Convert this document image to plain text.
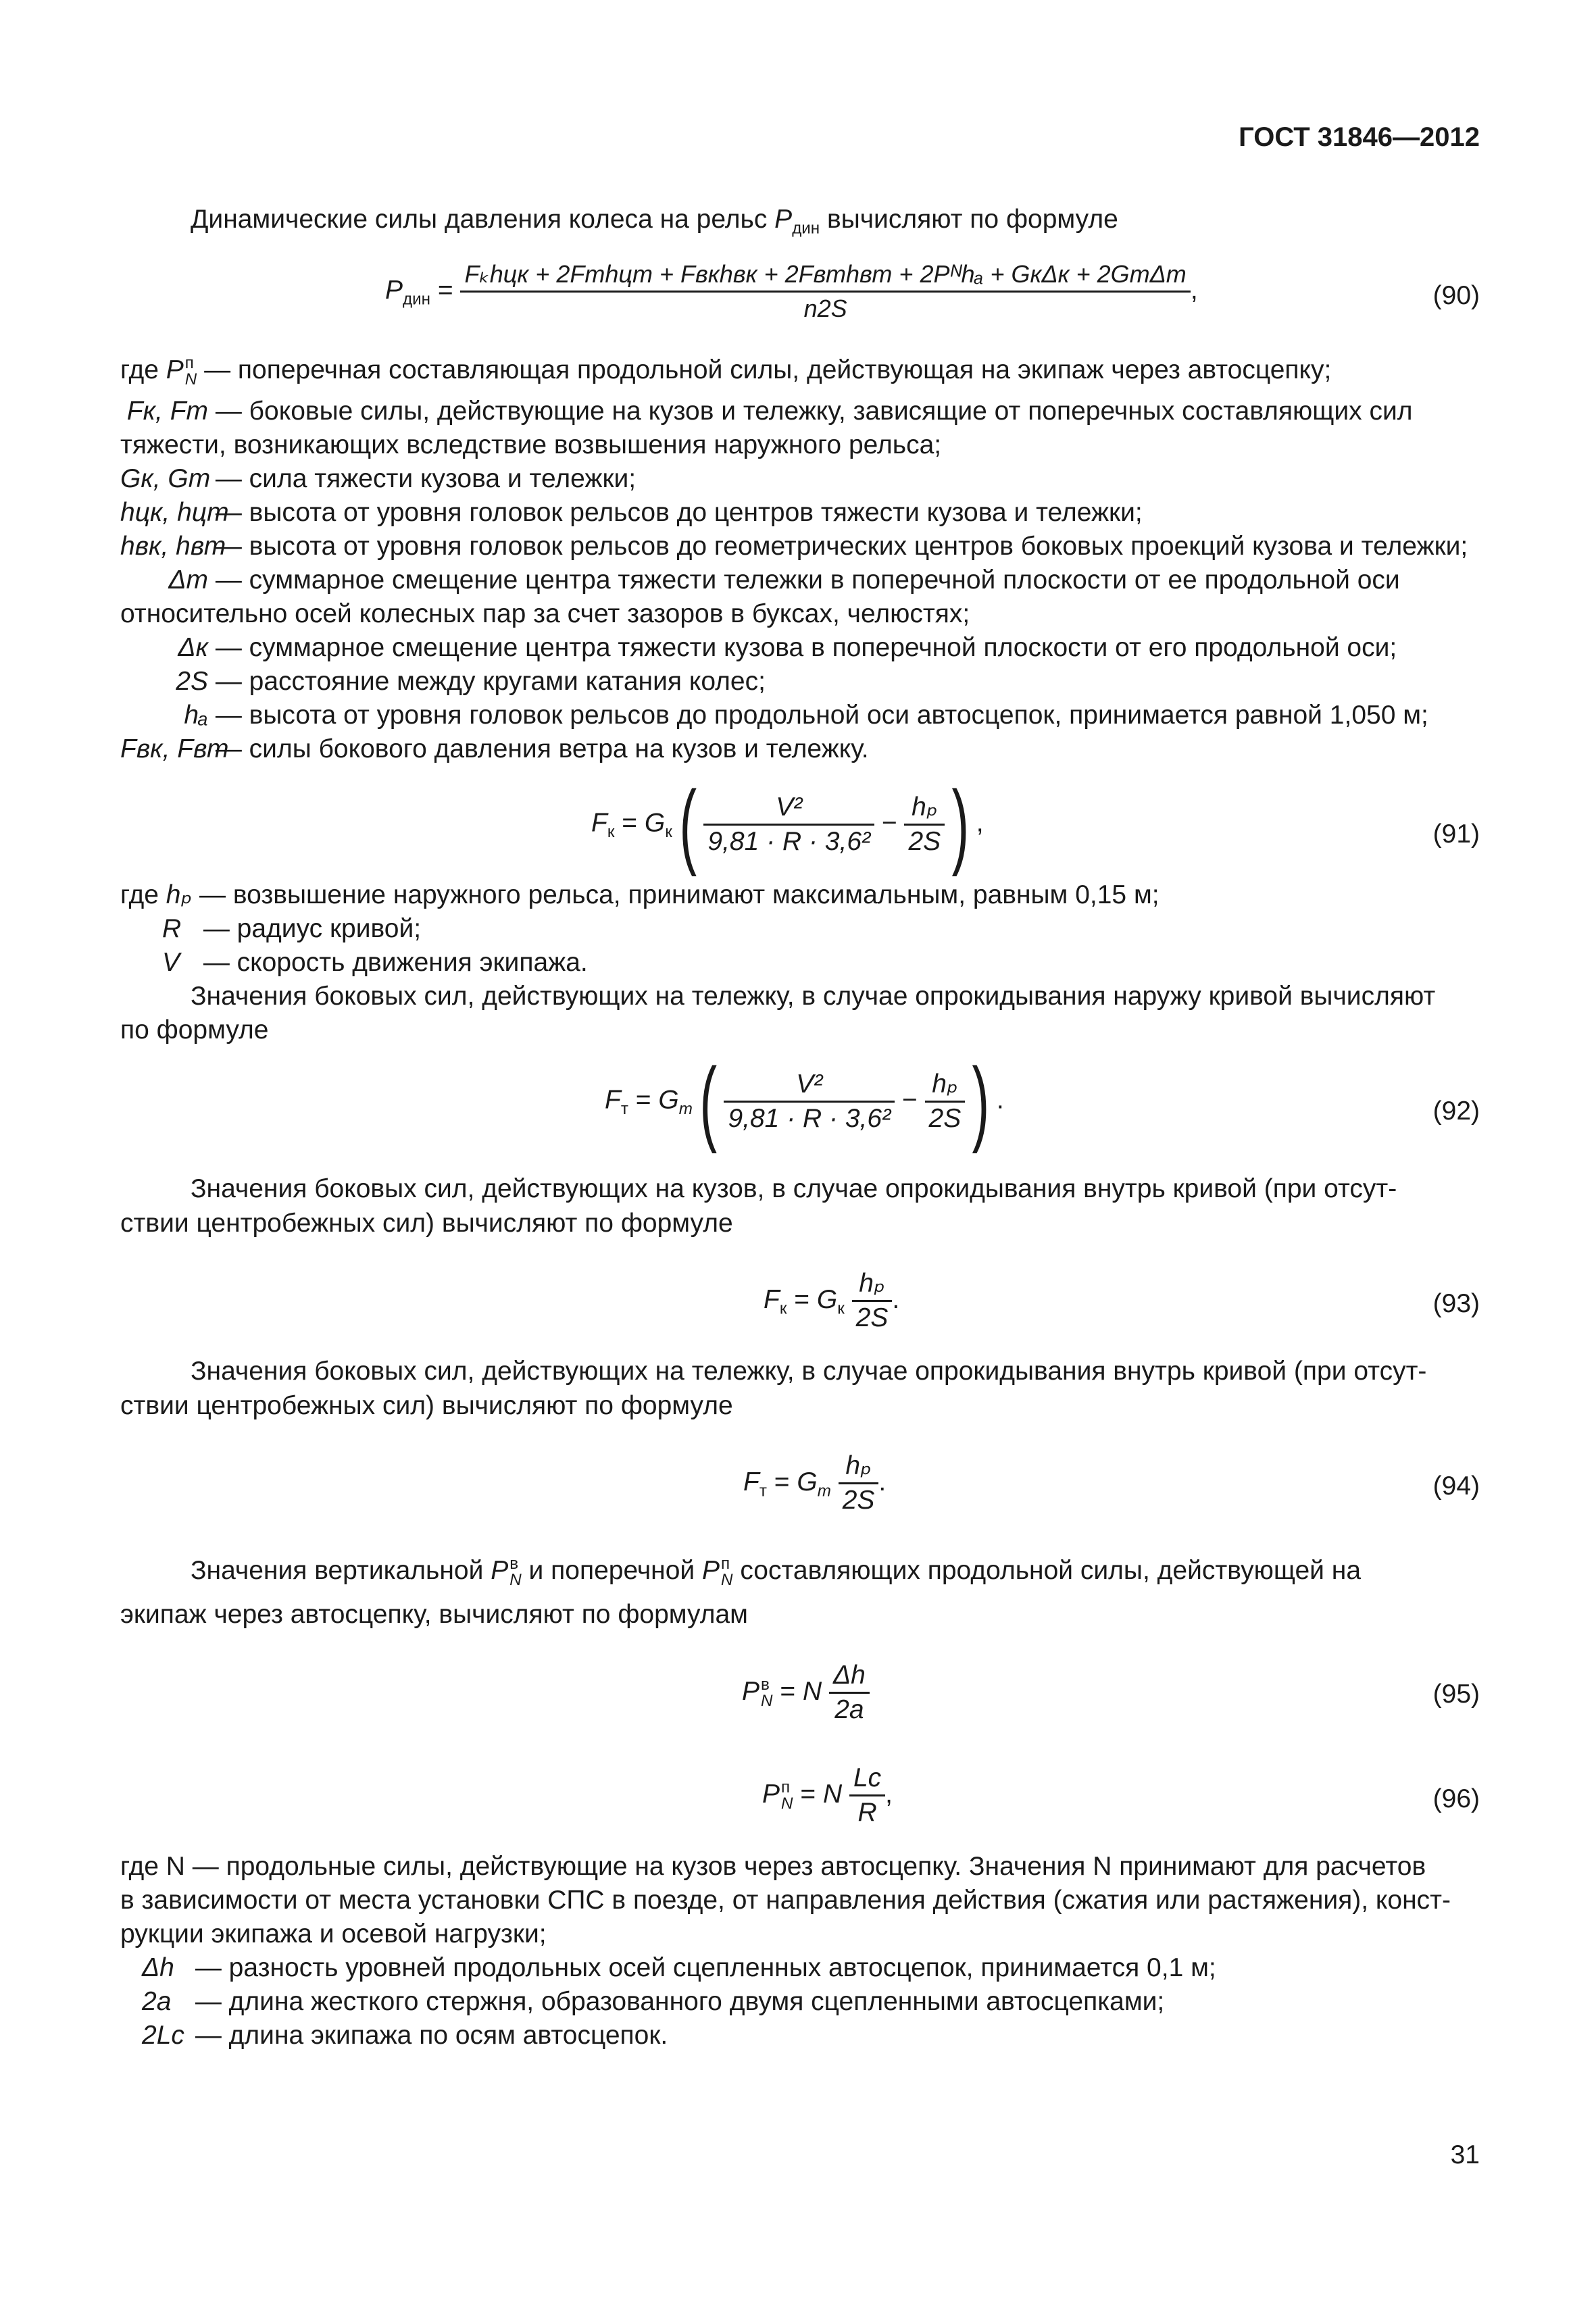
ГОСТ 31846—2012
Динамические силы давления колеса на рельс $P_{дин}$ вычисляют по формуле
$P_{дин} = \frac{\text{Fₖhцк + 2Fтhцт + Fвкhвк + 2Fвтhвт + 2Pᴺhₐ + GкΔк + 2GтΔт}}{n2S}$ ,	(90)
где P п
N — поперечная составляющая продольной силы, действующая на экипаж через автосцепку;
Fк, Fт — боковые силы, действующие на кузов и тележку, зависящие от поперечных составляющих сил
тяжести, возникающих вследствие возвышения наружного рельса;
Gк, Gт — сила тяжести кузова и тележки;
hцк, hцт — высота от уровня головок рельсов до центров тяжести кузова и тележки;
hвк, hвт — высота от уровня головок рельсов до геометрических центров боковых проекций кузова и тележки;
Δт — суммарное смещение центра тяжести тележки в поперечной плоскости от ее продольной оси
относительно осей колесных пар за счет зазоров в буксах, челюстях;
Δк — суммарное смещение центра тяжести кузова в поперечной плоскости от его продольной оси;
2S — расстояние между кругами катания колес;
hₐ — высота от уровня головок рельсов до продольной оси автосцепок, принимается равной 1,050 м;
Fвк, Fвт — силы бокового давления ветра на кузов и тележку.
$F_к = G_к( \frac{\text{V²}}{\text{9,81 · R · 3,6²}} - \frac{\text{hₚ}}{2S}$ ) ,	(91)
где hₚ — возвышение наружного рельса, принимают максимальным, равным 0,15 м;
R — радиус кривой;
V — скорость движения экипажа.
Значения боковых сил, действующих на тележку, в случае опрокидывания наружу кривой вычисляют
по формуле
$F_т = G_m( \frac{\text{V²}}{\text{9,81 · R · 3,6²}} - \frac{\text{hₚ}}{2S}$ ) .	(92)
Значения боковых сил, действующих на кузов, в случае опрокидывания внутрь кривой (при отсут-
ствии центробежных сил) вычисляют по формуле
$F_к = G_к \frac{\text{hₚ}}{2S}$ .	(93)
Значения боковых сил, действующих на тележку, в случае опрокидывания внутрь кривой (при отсут-
ствии центробежных сил) вычисляют по формуле
$F_т = G_m \frac{\text{hₚ}}{2S}$ .	(94)
Значения вертикальной P в
N и поперечной P п
N составляющих продольной силы, действующей на
экипаж через автосцепку, вычисляют по формулам
P в
N = N $\frac{\Delta h}{2a}$	(95)
P п
N = N $\frac{Lс}{R}$ ,	(96)
где N — продольные силы, действующие на кузов через автосцепку. Значения N принимают для расчетов
в зависимости от места установки СПС в поезде, от направления действия (сжатия или растяжения), конст-
рукции экипажа и осевой нагрузки;
Δh — разность уровней продольных осей сцепленных автосцепок, принимается 0,1 м;
2a — длина жесткого стержня, образованного двумя сцепленными автосцепками;
2Lс — длина экипажа по осям автосцепок.
31
